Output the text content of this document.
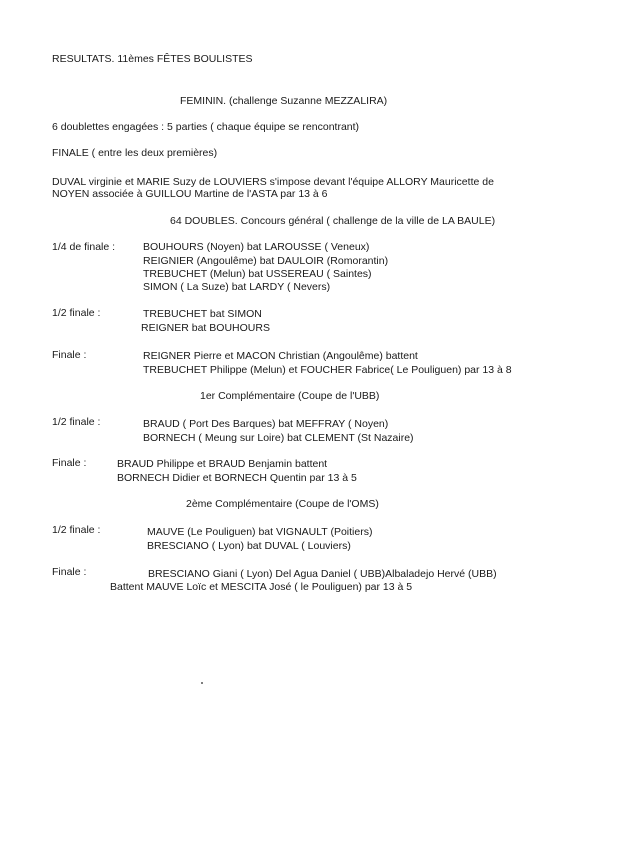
RESULTATS. 11èmes FÊTES BOULISTES
FEMININ. (challenge Suzanne MEZZALIRA)
6 doublettes engagées : 5 parties ( chaque équipe se rencontrant)
FINALE ( entre les deux premières)
DUVAL virginie et MARIE Suzy de LOUVIERS s'impose devant l'équipe ALLORY Mauricette de
NOYEN associée à GUILLOU Martine de l'ASTA par 13 à 6
64 DOUBLES. Concours général ( challenge de la ville de LA BAULE)
1/4 de finale :	BOUHOURS (Noyen) bat LAROUSSE ( Veneux)
REIGNIER (Angoulême) bat DAULOIR (Romorantin)
TREBUCHET (Melun) bat USSEREAU ( Saintes)
SIMON ( La Suze) bat LARDY ( Nevers)
1/2 finale :	TREBUCHET bat SIMON
REIGNER bat BOUHOURS
Finale :	REIGNER Pierre et MACON Christian (Angoulême) battent
TREBUCHET Philippe (Melun) et FOUCHER Fabrice( Le Pouliguen) par 13 à 8
1er Complémentaire (Coupe de l'UBB)
1/2 finale :	BRAUD ( Port Des Barques) bat MEFFRAY ( Noyen)
BORNECH ( Meung sur Loire) bat CLEMENT (St Nazaire)
Finale :	BRAUD Philippe et BRAUD Benjamin battent
BORNECH Didier et BORNECH Quentin par 13 à 5
2ème Complémentaire (Coupe de l'OMS)
1/2 finale :	MAUVE (Le Pouliguen) bat VIGNAULT (Poitiers)
BRESCIANO ( Lyon) bat DUVAL ( Louviers)
Finale :	BRESCIANO Giani ( Lyon) Del Agua Daniel ( UBB)Albaladejo Hervé (UBB)
Battent MAUVE Loïc et MESCITA José ( le Pouliguen) par 13 à 5
